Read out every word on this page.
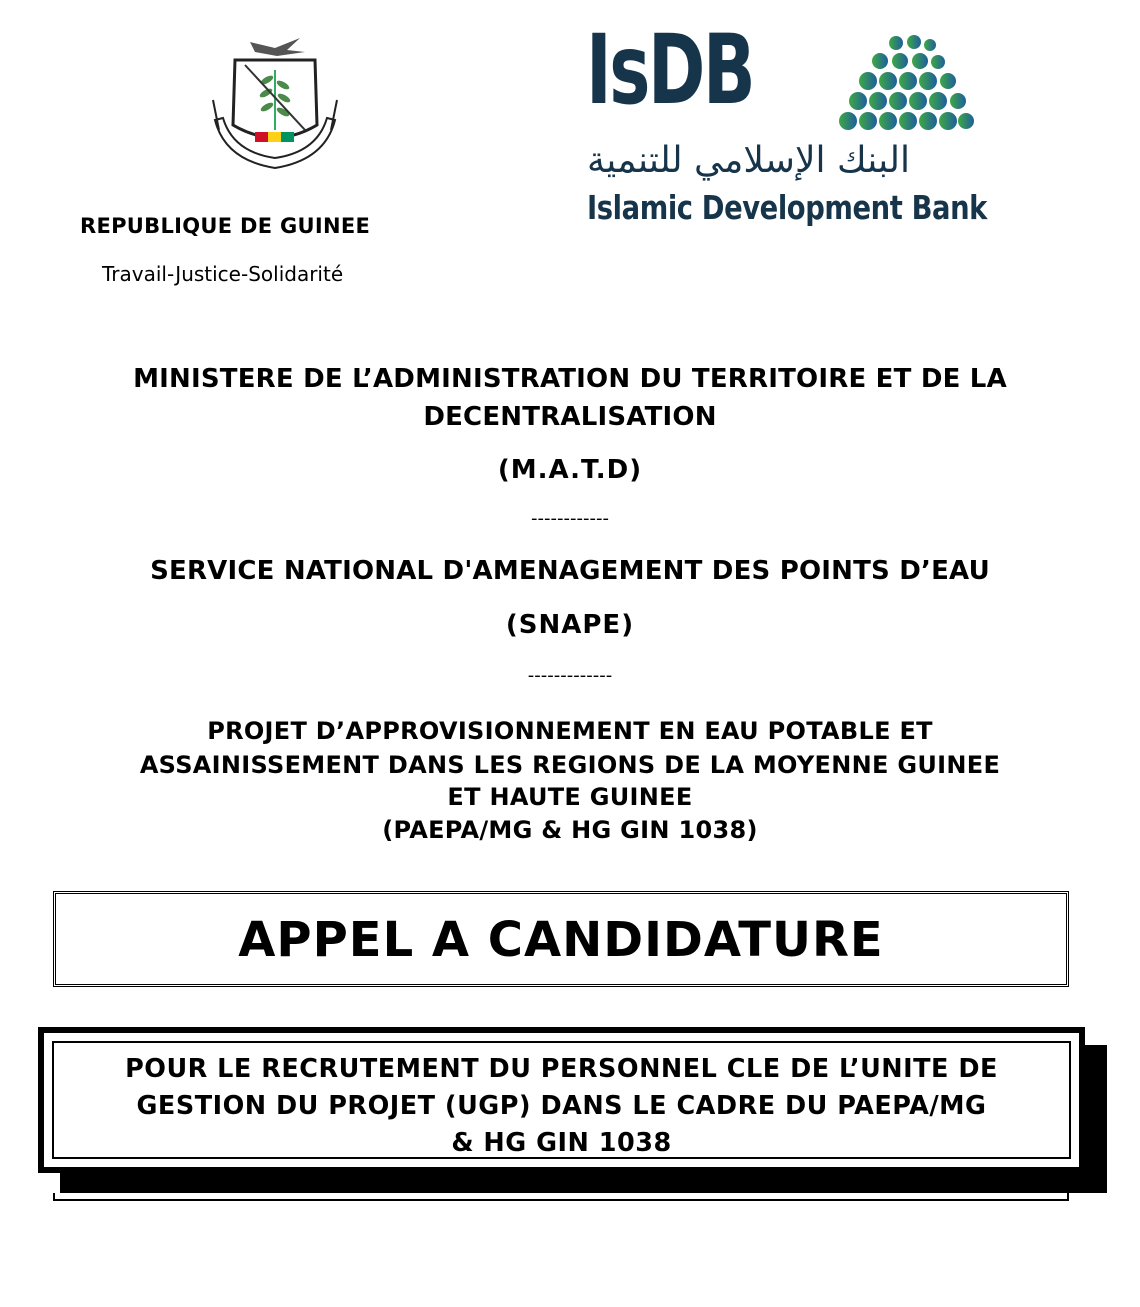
REPUBLIQUE DE GUINEE
Travail-Justice-Solidarité
IsDB
البنك الإسلامي للتنمية
Islamic Development Bank
MINISTERE DE L’ADMINISTRATION DU TERRITOIRE ET DE LA DECENTRALISATION
(M.A.T.D)
------------
SERVICE NATIONAL D'AMENAGEMENT DES POINTS D’EAU
(SNAPE)
-------------
PROJET D’APPROVISIONNEMENT EN EAU POTABLE ET
ASSAINISSEMENT DANS LES REGIONS DE LA MOYENNE GUINEE
ET HAUTE GUINEE
(PAEPA/MG & HG GIN 1038)
APPEL A CANDIDATURE
POUR LE RECRUTEMENT DU PERSONNEL CLE DE L’UNITE DE
GESTION DU PROJET (UGP) DANS LE CADRE DU PAEPA/MG
& HG GIN 1038
